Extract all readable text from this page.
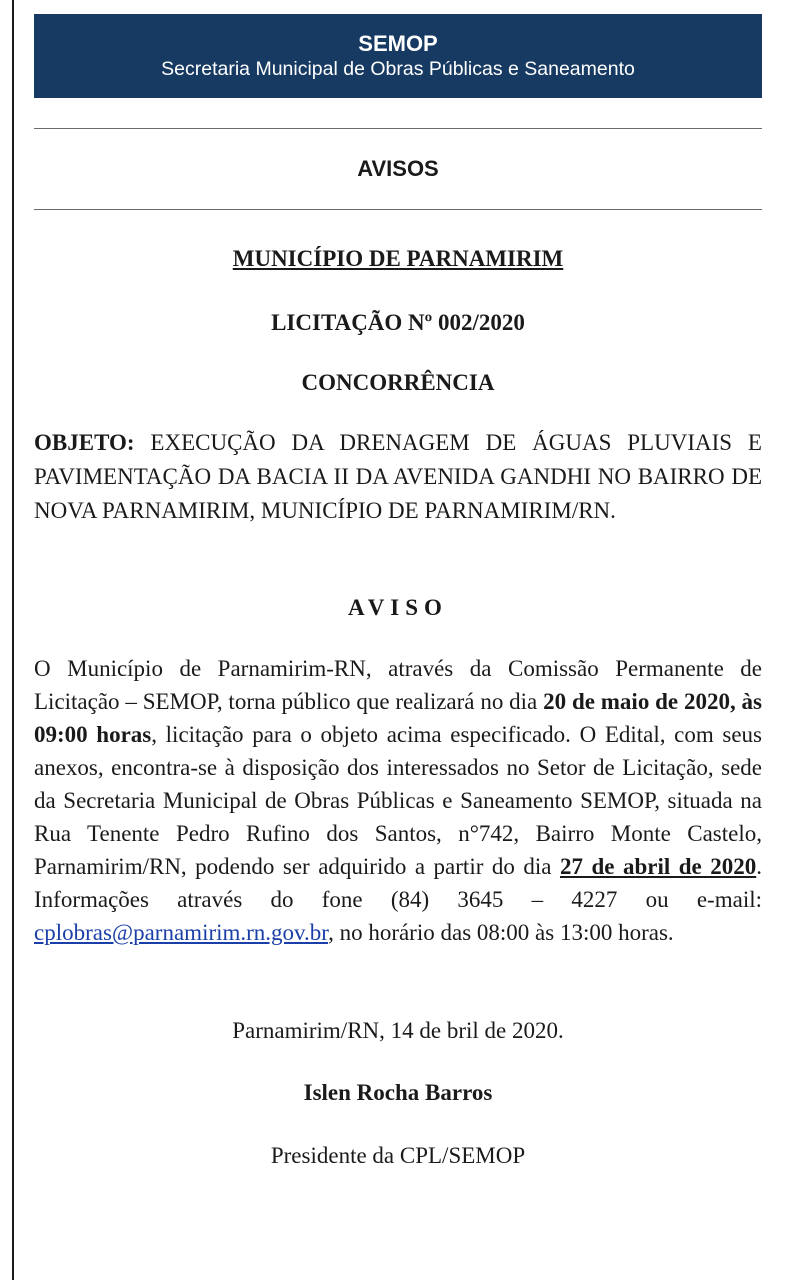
SEMOP
Secretaria Municipal de Obras Públicas e Saneamento
AVISOS
MUNICÍPIO DE PARNAMIRIM
LICITAÇÃO Nº 002/2020
CONCORRÊNCIA

OBJETO: EXECUÇÃO DA DRENAGEM DE ÁGUAS PLUVIAIS E PAVIMENTAÇÃO DA BACIA II DA AVENIDA GANDHI NO BAIRRO DE NOVA PARNAMIRIM, MUNICÍPIO DE PARNAMIRIM/RN.

AVISO

O Município de Parnamirim-RN, através da Comissão Permanente de Licitação – SEMOP, torna público que realizará no dia 20 de maio de 2020, às 09:00 horas, licitação para o objeto acima especificado. O Edital, com seus anexos, encontra-se à disposição dos interessados no Setor de Licitação, sede da Secretaria Municipal de Obras Públicas e Saneamento SEMOP, situada na Rua Tenente Pedro Rufino dos Santos, n°742, Bairro Monte Castelo, Parnamirim/RN, podendo ser adquirido a partir do dia 27 de abril de 2020. Informações através do fone (84) 3645 – 4227 ou e-mail: cplobras@parnamirim.rn.gov.br, no horário das 08:00 às 13:00 horas.

Parnamirim/RN, 14 de bril de 2020.
Islen Rocha Barros
Presidente da CPL/SEMOP
